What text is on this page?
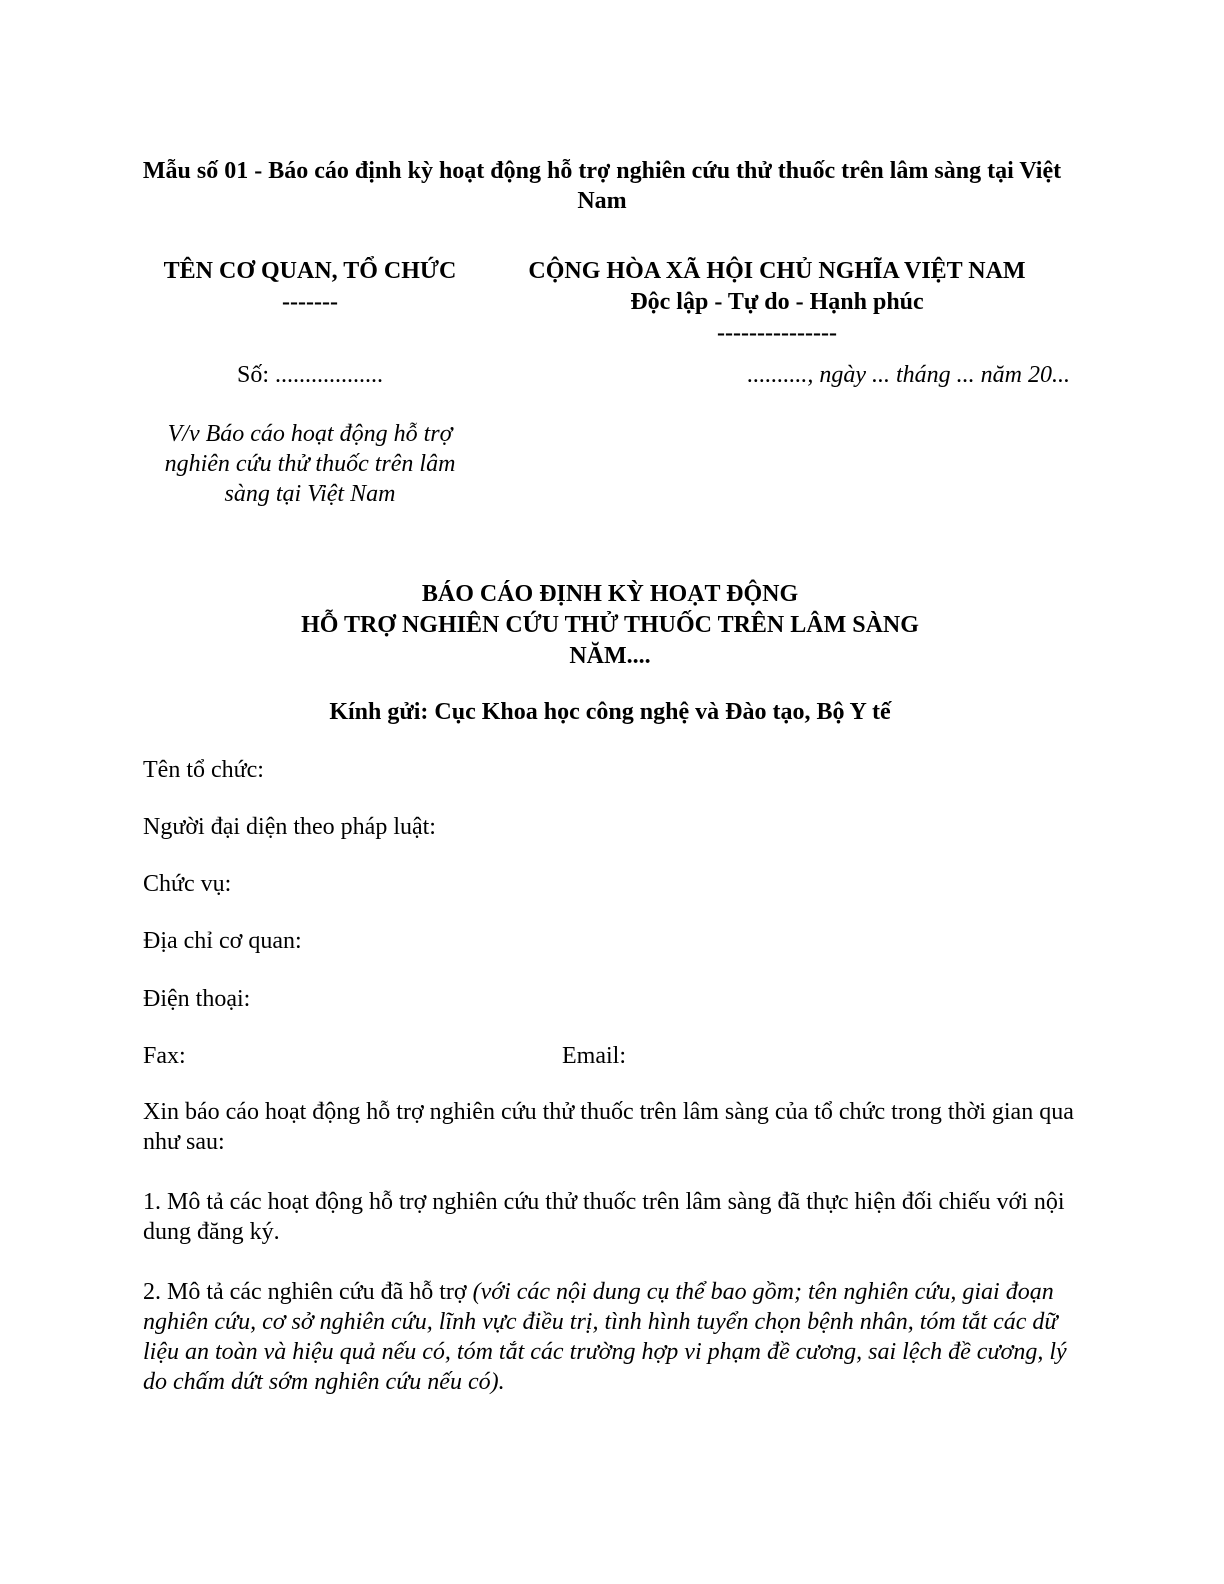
Mẫu số 01 - Báo cáo định kỳ hoạt động hỗ trợ nghiên cứu thử thuốc trên lâm sàng tại Việt Nam
TÊN CƠ QUAN, TỔ CHỨC
-------
CỘNG HÒA XÃ HỘI CHỦ NGHĨA VIỆT NAM
Độc lập - Tự do - Hạnh phúc
---------------
Số: ..................	.........., ngày ... tháng ... năm 20...
V/v Báo cáo hoạt động hỗ trợ nghiên cứu thử thuốc trên lâm sàng tại Việt Nam
BÁO CÁO ĐỊNH KỲ HOẠT ĐỘNG
HỖ TRỢ NGHIÊN CỨU THỬ THUỐC TRÊN LÂM SÀNG
NĂM....
Kính gửi: Cục Khoa học công nghệ và Đào tạo, Bộ Y tế
Tên tổ chức:
Người đại diện theo pháp luật:
Chức vụ:
Địa chỉ cơ quan:
Điện thoại:
Fax:	Email:
Xin báo cáo hoạt động hỗ trợ nghiên cứu thử thuốc trên lâm sàng của tổ chức trong thời gian qua như sau:
1. Mô tả các hoạt động hỗ trợ nghiên cứu thử thuốc trên lâm sàng đã thực hiện đối chiếu với nội dung đăng ký.
2. Mô tả các nghiên cứu đã hỗ trợ (với các nội dung cụ thể bao gồm; tên nghiên cứu, giai đoạn nghiên cứu, cơ sở nghiên cứu, lĩnh vực điều trị, tình hình tuyển chọn bệnh nhân, tóm tắt các dữ liệu an toàn và hiệu quả nếu có, tóm tắt các trường hợp vi phạm đề cương, sai lệch đề cương, lý do chấm dứt sớm nghiên cứu nếu có).
